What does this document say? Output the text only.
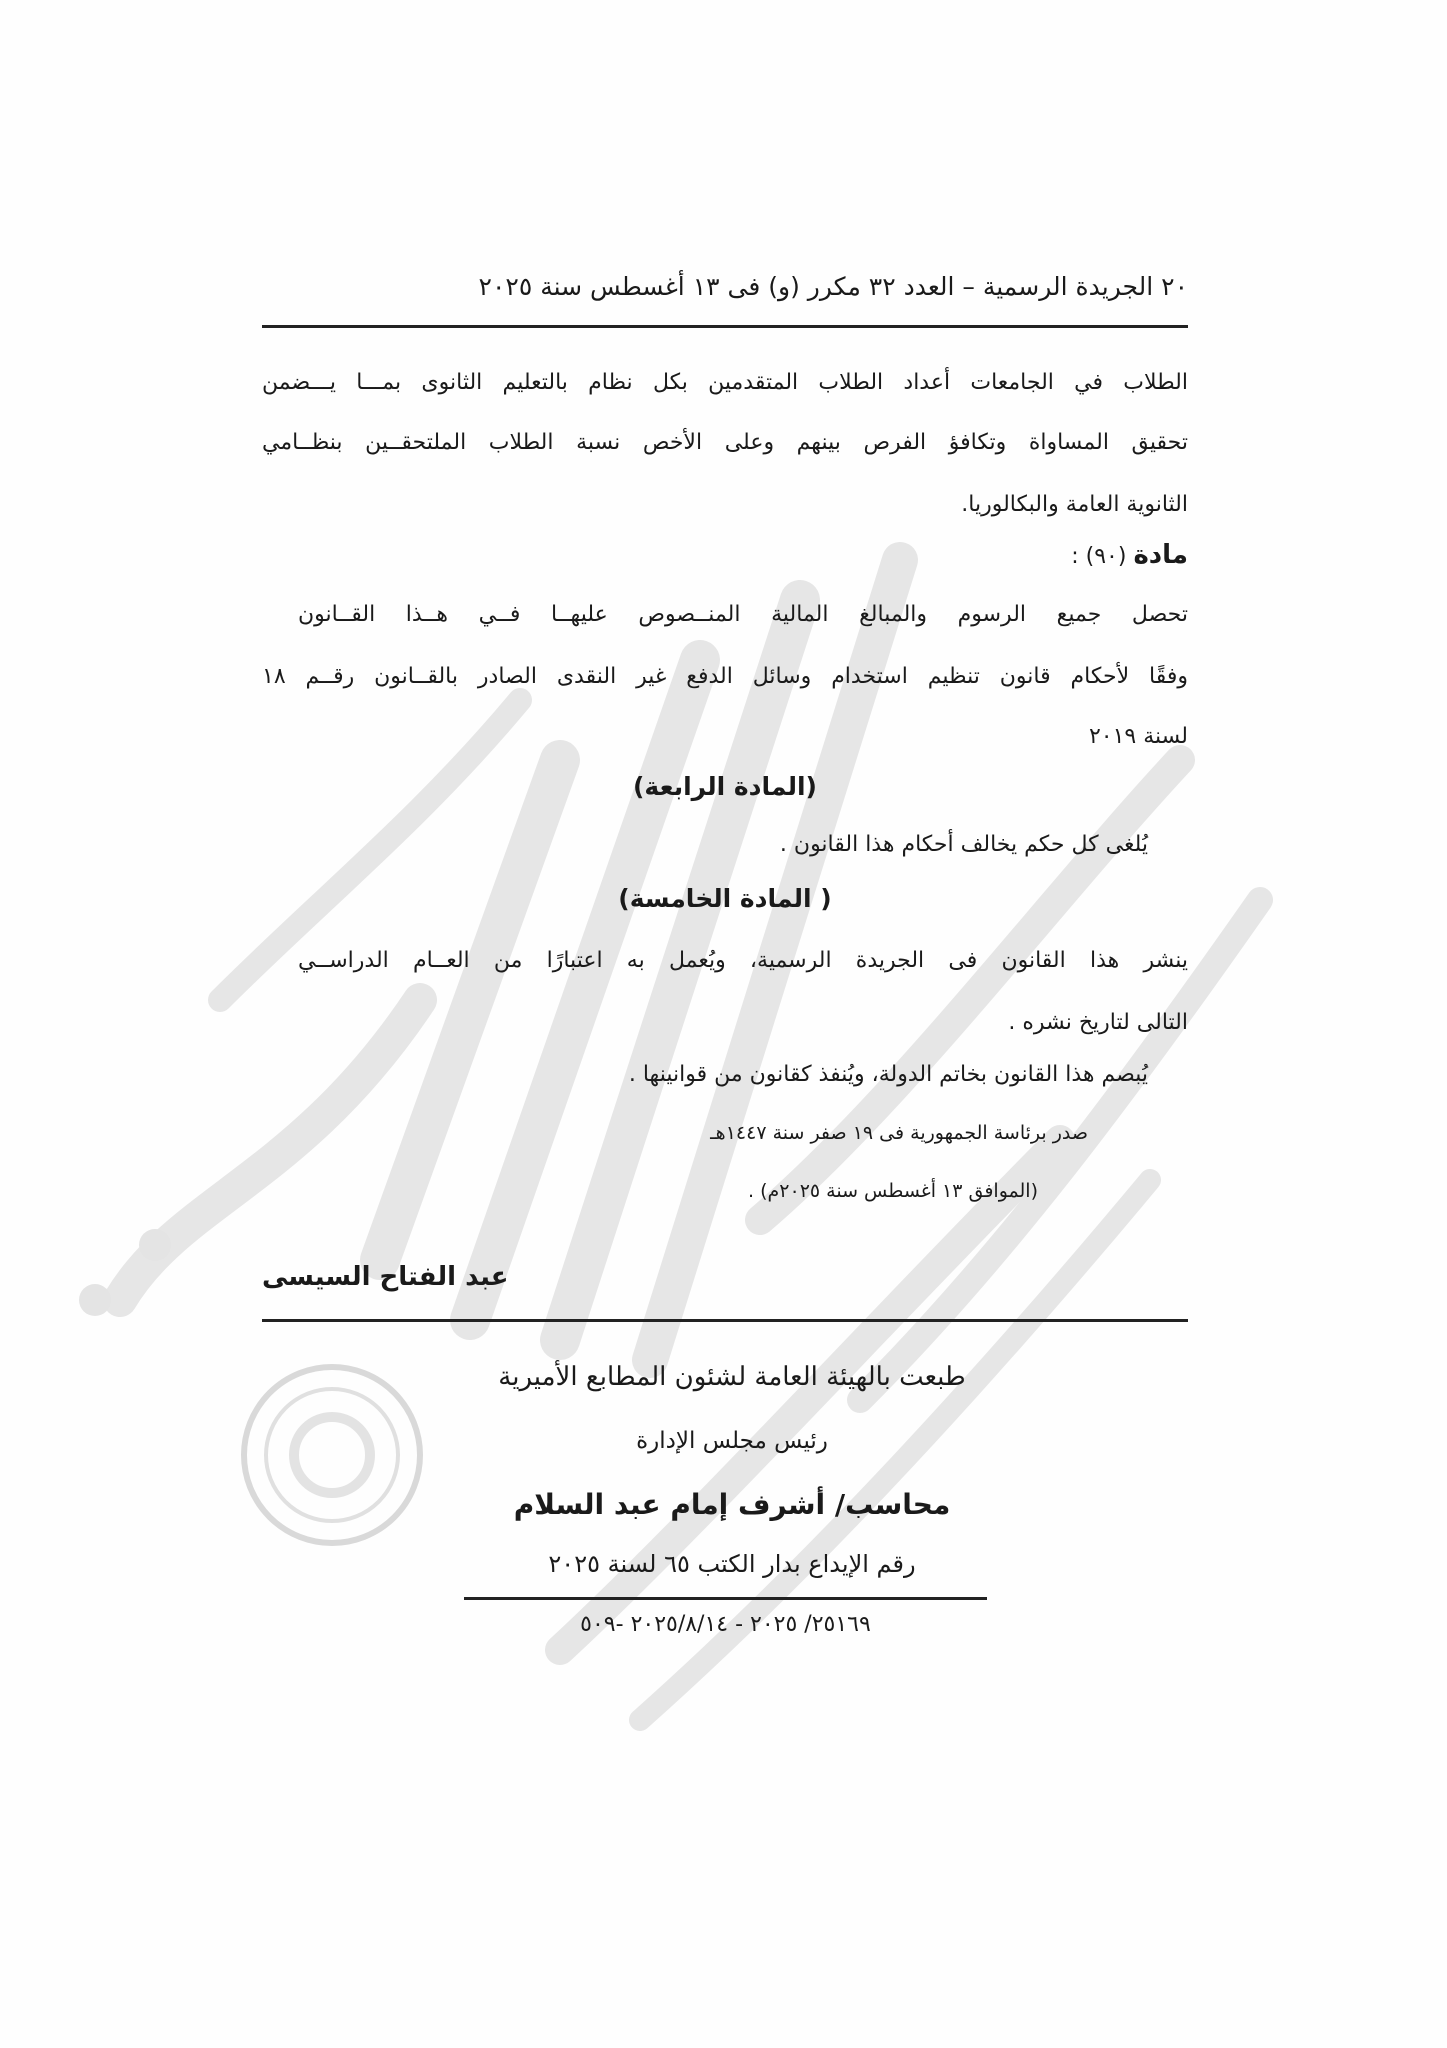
٢٠ الجريدة الرسمية – العدد ٣٢ مكرر (و) فى ١٣ أغسطس سنة ٢٠٢٥
الطلاب في الجامعات أعداد الطلاب المتقدمين بكل نظام بالتعليم الثانوى بمـــا يـــضمن
تحقيق المساواة وتكافؤ الفرص بينهم وعلى الأخص نسبة الطلاب الملتحقــين بنظــامي
الثانوية العامة والبكالوريا.
مادة (٩٠) :
تحصل جميع الرسوم والمبالغ المالية المنــصوص عليهــا فــي هــذا القــانون
وفقًا لأحكام قانون تنظيم استخدام وسائل الدفع غير النقدى الصادر بالقــانون رقــم ١٨
لسنة ٢٠١٩
(المادة الرابعة)
يُلغى كل حكم يخالف أحكام هذا القانون .
( المادة الخامسة)
ينشر هذا القانون فى الجريدة الرسمية، ويُعمل به اعتبارًا من العــام الدراســي
التالى لتاريخ نشره .
يُبصم هذا القانون بخاتم الدولة، ويُنفذ كقانون من قوانينها .
صدر برئاسة الجمهورية فى ١٩ صفر سنة ١٤٤٧هـ
(الموافق ١٣ أغسطس سنة ٢٠٢٥م) .
عبد الفتاح السيسى
طبعت بالهيئة العامة لشئون المطابع الأميرية
رئيس مجلس الإدارة
محاسب/ أشرف إمام عبد السلام
رقم الإيداع بدار الكتب ٦٥ لسنة ٢٠٢٥
٢٥١٦٩/ ٢٠٢٥ - ٢٠٢٥/٨/١٤ -٥٠٩
